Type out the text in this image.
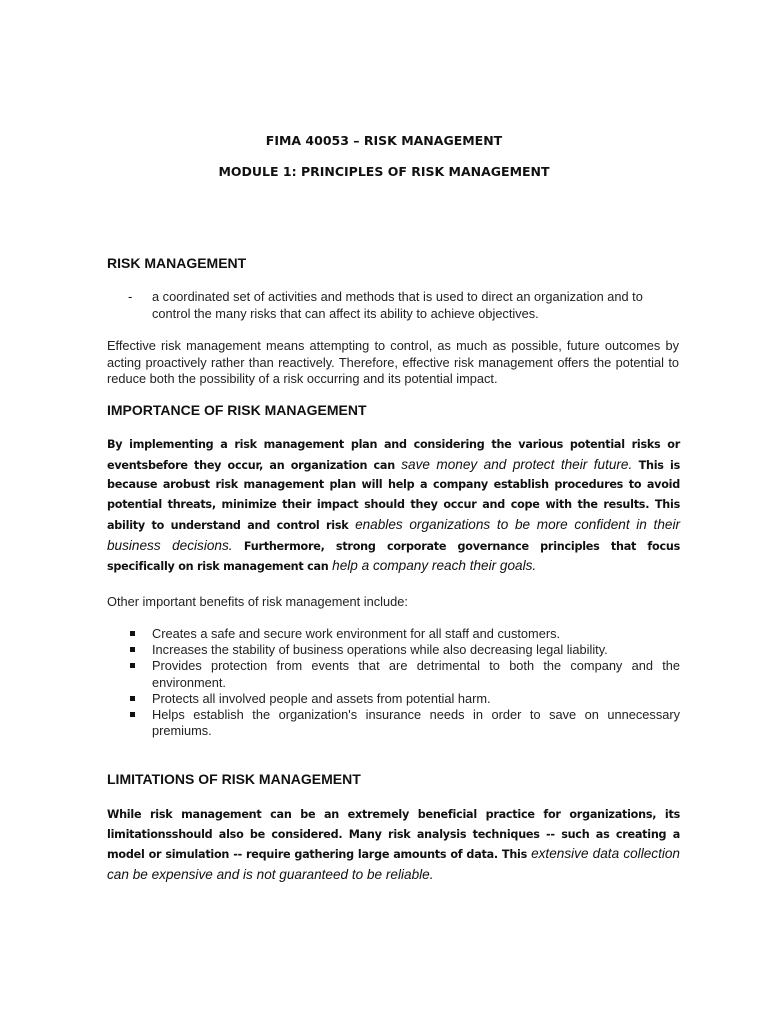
FIMA 40053 – RISK MANAGEMENT
MODULE 1: PRINCIPLES OF RISK MANAGEMENT
RISK MANAGEMENT
- a coordinated set of activities and methods that is used to direct an organization and to control the many risks that can affect its ability to achieve objectives.
Effective risk management means attempting to control, as much as possible, future outcomes by acting proactively rather than reactively. Therefore, effective risk management offers the potential to reduce both the possibility of a risk occurring and its potential impact.
IMPORTANCE OF RISK MANAGEMENT
By implementing a risk management plan and considering the various potential risks or eventsbefore they occur, an organization can save money and protect their future. This is because arobust risk management plan will help a company establish procedures to avoid potential threats, minimize their impact should they occur and cope with the results. This ability to understand and control risk enables organizations to be more confident in their business decisions. Furthermore, strong corporate governance principles that focus specifically on risk management can help a company reach their goals.
Other important benefits of risk management include:
Creates a safe and secure work environment for all staff and customers.
Increases the stability of business operations while also decreasing legal liability.
Provides protection from events that are detrimental to both the company and the environment.
Protects all involved people and assets from potential harm.
Helps establish the organization's insurance needs in order to save on unnecessary premiums.
LIMITATIONS OF RISK MANAGEMENT
While risk management can be an extremely beneficial practice for organizations, its limitationsshould also be considered. Many risk analysis techniques -- such as creating a model or simulation -- require gathering large amounts of data. This extensive data collection can be expensive and is not guaranteed to be reliable.
